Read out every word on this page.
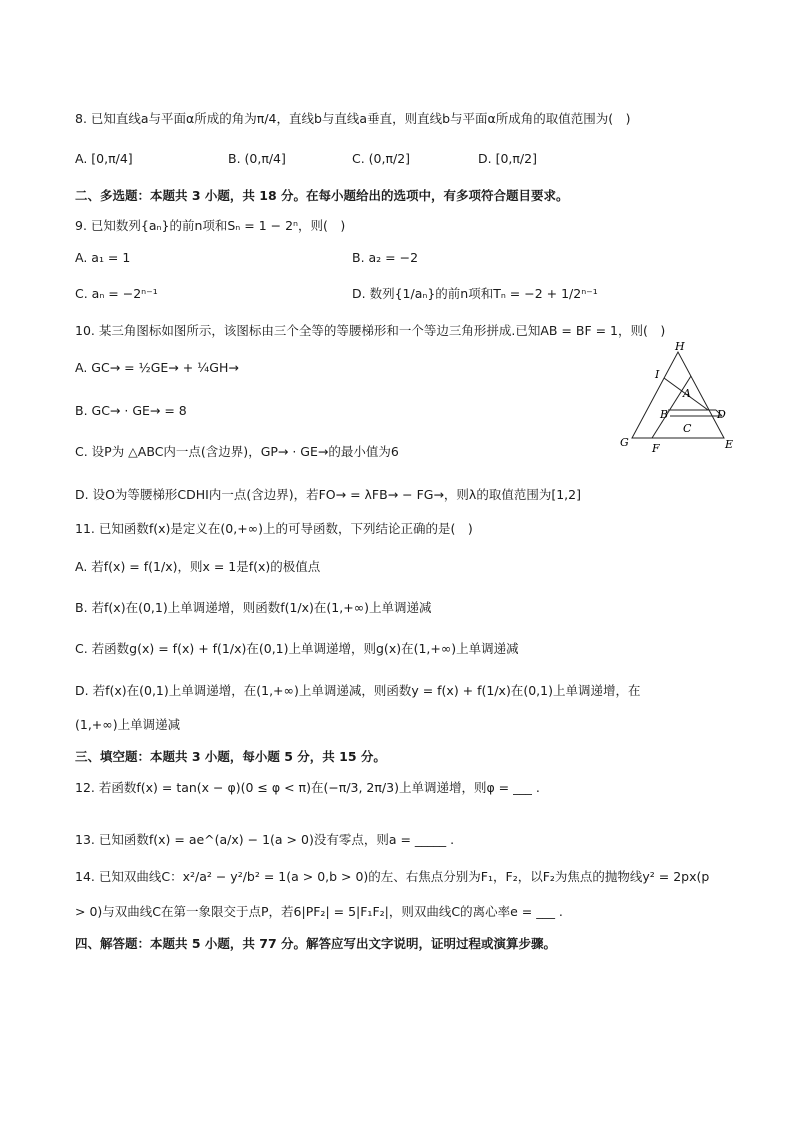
8. 已知直线a与平面α所成的角为π/4，直线b与直线a垂直，则直线b与平面α所成角的取值范围为(　)
A. [0,π/4]	B. (0,π/4]	C. (0,π/2]	D. [0,π/2]
二、多选题：本题共 3 小题，共 18 分。在每小题给出的选项中，有多项符合题目要求。
9. 已知数列{aₙ}的前n项和Sₙ = 1 − 2ⁿ，则(　)
A. a₁ = 1	B. a₂ = −2
C. aₙ = −2ⁿ⁻¹	D. 数列{1/aₙ}的前n项和Tₙ = −2 + 1/2ⁿ⁻¹
10. 某三角图标如图所示，该图标由三个全等的等腰梯形和一个等边三角形拼成.已知AB = BF = 1，则(　)
A. GC→ = ½GE→ + ¼GH→
B. GC→ · GE→ = 8
C. 设P为 △ABC内一点(含边界)，GP→ · GE→的最小值为6
D. 设O为等腰梯形CDHI内一点(含边界)，若FO→ = λFB→ − FG→，则λ的取值范围为[1,2]
H
I
A
B	D
C
G F	E
11. 已知函数f(x)是定义在(0,+∞)上的可导函数，下列结论正确的是(　)
A. 若f(x) = f(1/x)，则x = 1是f(x)的极值点
B. 若f(x)在(0,1)上单调递增，则函数f(1/x)在(1,+∞)上单调递减
C. 若函数g(x) = f(x) + f(1/x)在(0,1)上单调递增，则g(x)在(1,+∞)上单调递减
D. 若f(x)在(0,1)上单调递增，在(1,+∞)上单调递减，则函数y = f(x) + f(1/x)在(0,1)上单调递增，在
(1,+∞)上单调递减
三、填空题：本题共 3 小题，每小题 5 分，共 15 分。
12. 若函数f(x) = tan(x − φ)(0 ≤ φ < π)在(−π/3, 2π/3)上单调递增，则φ = ___ .
13. 已知函数f(x) = ae^(a/x) − 1(a > 0)没有零点，则a = _____ .
14. 已知双曲线C：x²/a² − y²/b² = 1(a > 0,b > 0)的左、右焦点分别为F₁，F₂，以F₂为焦点的抛物线y² = 2px(p
> 0)与双曲线C在第一象限交于点P，若6|PF₂| = 5|F₁F₂|，则双曲线C的离心率e = ___ .
四、解答题：本题共 5 小题，共 77 分。解答应写出文字说明，证明过程或演算步骤。
